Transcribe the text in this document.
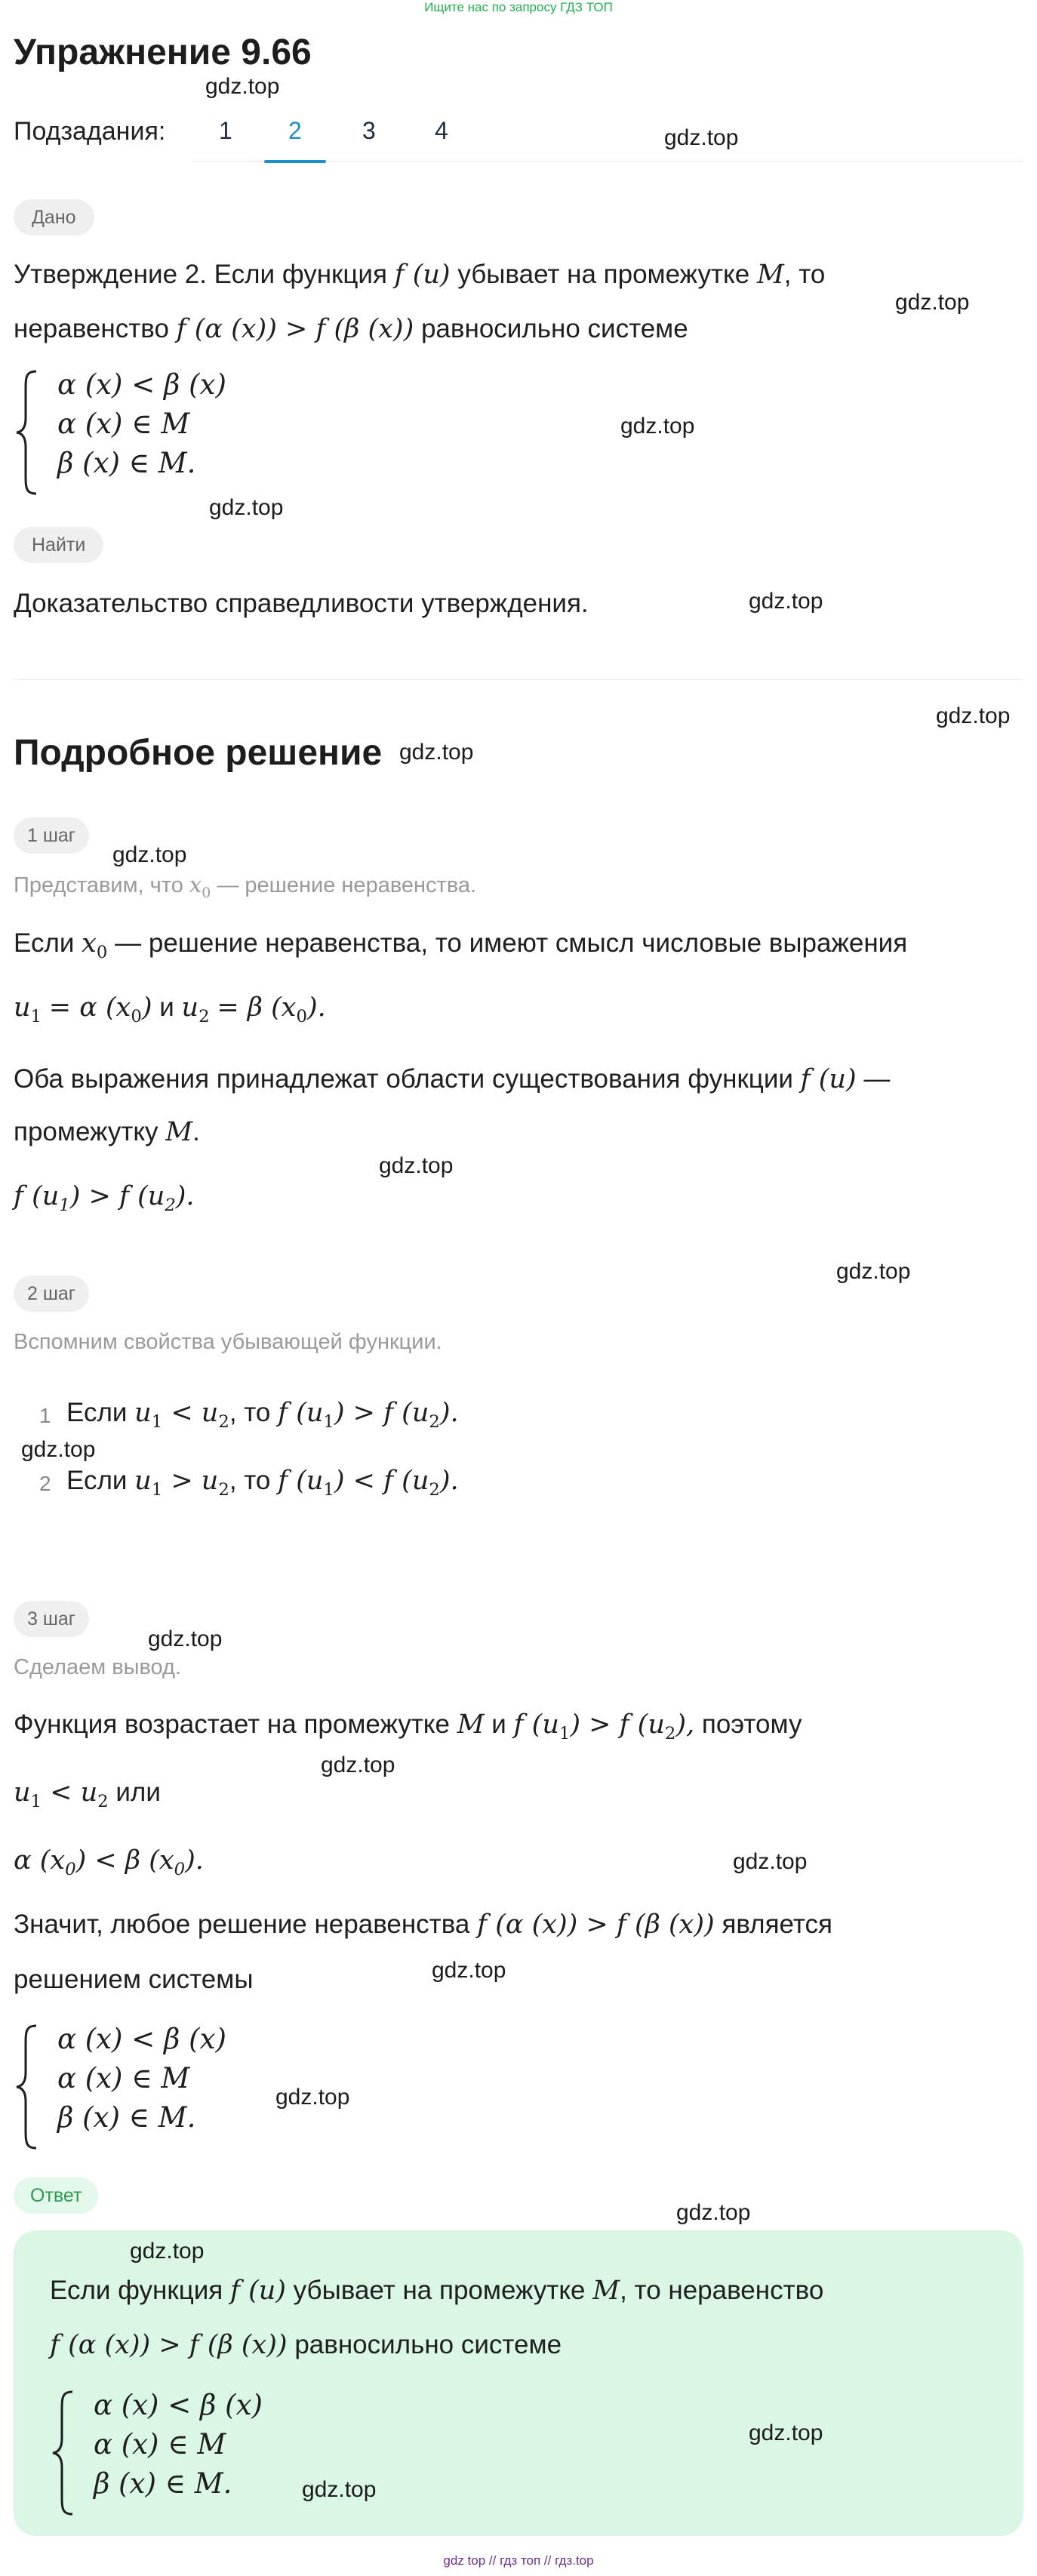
Ищите нас по запросу ГДЗ ТОП
Упражнение 9.66
Подзадания: 1 2	3 4
Дано
Утверждение 2. Если функция f (u) убывает на промежутке M, то
неравенство f (α (x)) > f (β (x)) равносильно системе
α (x) < β (x)
α (x) ∈ M
β (x) ∈ M.
Найти
Доказательство справедливости утверждения.
Подробное решение
1 шаг
Представим, что $x_0$ — решение неравенства.
Если $x_0$ — решение неравенства, то имеют смысл числовые выражения
$u_1 = \alpha$ $(x_0)$ и $u_2 = \beta$ $(x_0)$.
Оба выражения принадлежат области существования функции f (u) —
промежутку M.
f $(u_1) > f$ $(u_2)$.
2 шаг
Вспомним свойства убывающей функции.
1 Если $u_1 < u_2$, то f $(u_1) > f$ $(u_2)$.
2 Если $u_1 > u_2$, то f $(u_1) < f$ $(u_2)$.
3 шаг
Сделаем вывод.
Функция возрастает на промежутке M и f $(u_1) > f$ $(u_2)$, поэтому
$u_1 < u_2$ или
α $(x_0) < \beta$ $(x_0)$.
Значит, любое решение неравенства f (α (x)) > f (β (x)) является
решением системы
α (x) < β (x)
α (x) ∈ M
β (x) ∈ M.
Ответ
Если функция f (u) убывает на промежутке M, то неравенство
f (α (x)) > f (β (x)) равносильно системе
α (x) < β (x)
α (x) ∈ M
β (x) ∈ M.
gdz.top
gdz.top
gdz.top
gdz.top
gdz.top
gdz.top
gdz.top
gdz.top
gdz.top
gdz.top
gdz.top
gdz.top
gdz.top
gdz.top
gdz.top
gdz.top
gdz.top
gdz.top
gdz.top
gdz.top
gdz.top
gdz top // гдз топ // гдз.top
